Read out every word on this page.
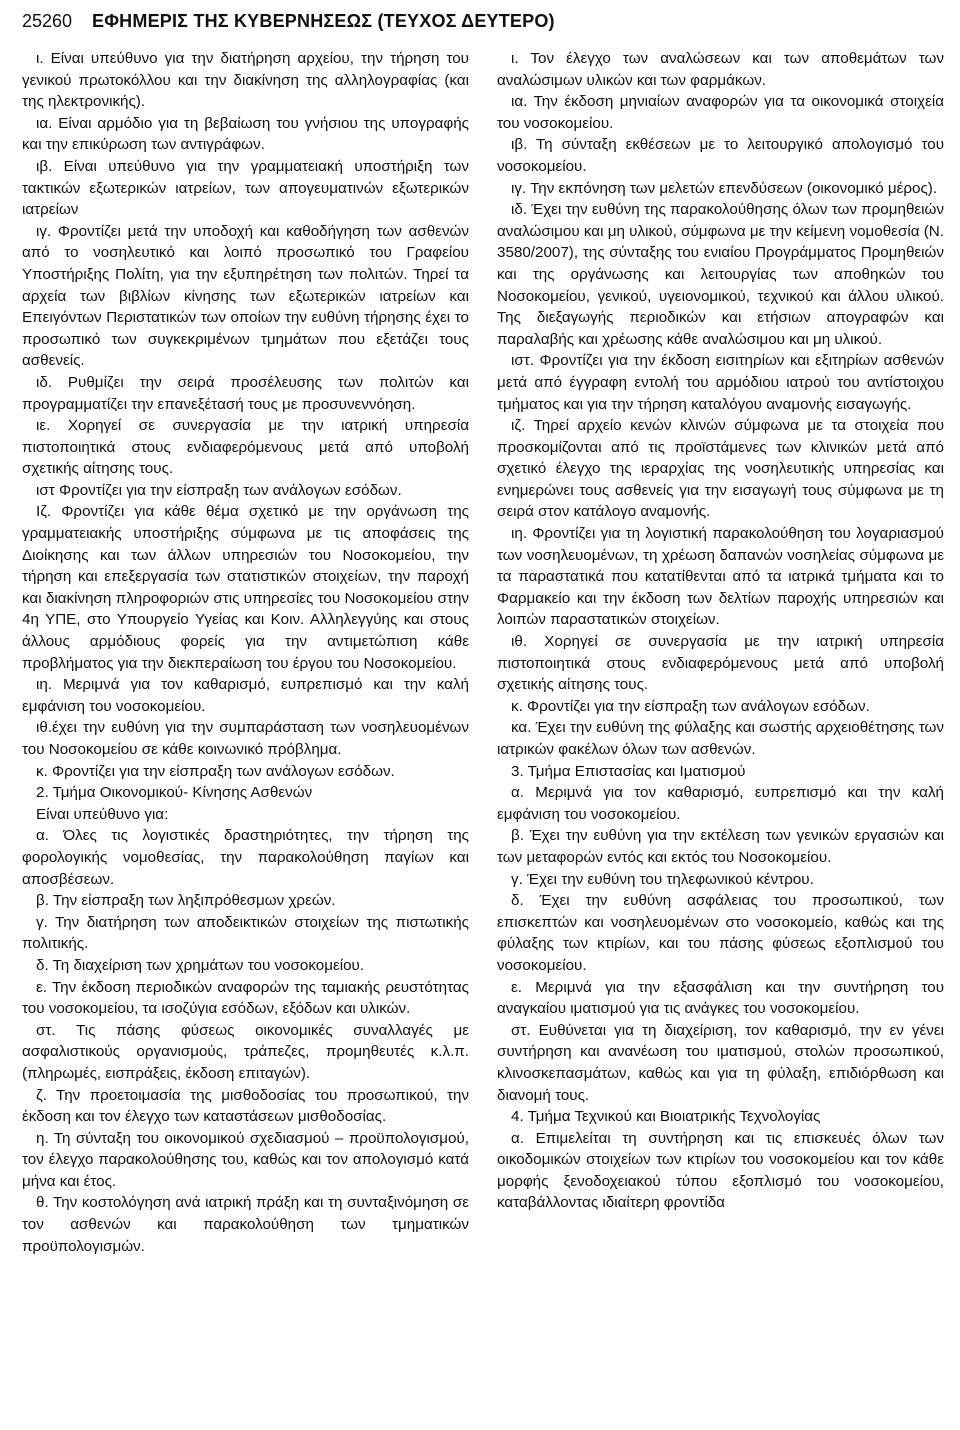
25260	ΕΦΗΜΕΡΙΣ ΤΗΣ ΚΥΒΕΡΝΗΣΕΩΣ (ΤΕΥΧΟΣ ΔΕΥΤΕΡΟ)

ι. Είναι υπεύθυνο για την διατήρηση αρχείου, την τήρηση του γενικού πρωτοκόλλου και την διακίνηση της αλληλογραφίας (και της ηλεκτρονικής).

ια. Είναι αρμόδιο για τη βεβαίωση του γνήσιου της υπογραφής και την επικύρωση των αντιγράφων.

ιβ. Είναι υπεύθυνο για την γραμματειακή υποστήριξη των τακτικών εξωτερικών ιατρείων, των απογευματινών εξωτερικών ιατρείων

ιγ. Φροντίζει μετά την υποδοχή και καθοδήγηση των ασθενών από το νοσηλευτικό και λοιπό προσωπικό του Γραφείου Υποστήριξης Πολίτη, για την εξυπηρέτηση των πολιτών. Τηρεί τα αρχεία των βιβλίων κίνησης των εξωτερικών ιατρείων και Επειγόντων Περιστατικών των οποίων την ευθύνη τήρησης έχει το προσωπικό των συγκεκριμένων τμημάτων που εξετάζει τους ασθενείς.

ιδ. Ρυθμίζει την σειρά προσέλευσης των πολιτών και προγραμματίζει την επανεξέτασή τους με προσυνεννόηση.

ιε. Χορηγεί σε συνεργασία με την ιατρική υπηρεσία πιστοποιητικά στους ενδιαφερόμενους μετά από υποβολή σχετικής αίτησης τους.

ιστ Φροντίζει για την είσπραξη των ανάλογων εσόδων.

Ιζ. Φροντίζει για κάθε θέμα σχετικό με την οργάνωση της γραμματειακής υποστήριξης σύμφωνα με τις αποφάσεις της Διοίκησης και των άλλων υπηρεσιών του Νοσοκομείου, την τήρηση και επεξεργασία των στατιστικών στοιχείων, την παροχή και διακίνηση πληροφοριών στις υπηρεσίες του Νοσοκομείου στην 4η ΥΠΕ, στο Υπουργείο Υγείας και Κοιν. Αλληλεγγύης και στους άλλους αρμόδιους φορείς για την αντιμετώπιση κάθε προβλήματος για την διεκπεραίωση του έργου του Νοσοκομείου.

ιη. Μεριμνά για τον καθαρισμό, ευπρεπισμό και την καλή εμφάνιση του νοσοκομείου.

ιθ.έχει την ευθύνη για την συμπαράσταση των νοσηλευομένων του Νοσοκομείου σε κάθε κοινωνικό πρόβλημα.

κ. Φροντίζει για την είσπραξη των ανάλογων εσόδων.

2. Τμήμα Οικονομικού- Κίνησης Ασθενών

Είναι υπεύθυνο για:

α. Όλες τις λογιστικές δραστηριότητες, την τήρηση της φορολογικής νομοθεσίας, την παρακολούθηση παγίων και αποσβέσεων.

β. Την είσπραξη των ληξιπρόθεσμων χρεών.

γ. Την διατήρηση των αποδεικτικών στοιχείων της πιστωτικής πολιτικής.

δ. Τη διαχείριση των χρημάτων του νοσοκομείου.

ε. Την έκδοση περιοδικών αναφορών της ταμιακής ρευστότητας του νοσοκομείου, τα ισοζύγια εσόδων, εξόδων και υλικών.

στ. Τις πάσης φύσεως οικονομικές συναλλαγές με ασφαλιστικούς οργανισμούς, τράπεζες, προμηθευτές κ.λ.π. (πληρωμές, εισπράξεις, έκδοση επιταγών).

ζ. Την προετοιμασία της μισθοδοσίας του προσωπικού, την έκδοση και τον έλεγχο των καταστάσεων μισθοδοσίας.

η. Τη σύνταξη του οικονομικού σχεδιασμού – προϋπολογισμού, τον έλεγχο παρακολούθησης του, καθώς και τον απολογισμό κατά μήνα και έτος.

θ. Την κοστολόγηση ανά ιατρική πράξη και τη συνταξινόμηση σε τον ασθενών και παρακολούθηση των τμηματικών προϋπολογισμών.

ι. Τον έλεγχο των αναλώσεων και των αποθεμάτων των αναλώσιμων υλικών και των φαρμάκων.

ια. Την έκδοση μηνιαίων αναφορών για τα οικονομικά στοιχεία του νοσοκομείου.

ιβ. Τη σύνταξη εκθέσεων με το λειτουργικό απολογισμό του νοσοκομείου.

ιγ. Την εκπόνηση των μελετών επενδύσεων (οικονομικό μέρος).

ιδ. Έχει την ευθύνη της παρακολούθησης όλων των προμηθειών αναλώσιμου και μη υλικού, σύμφωνα με την κείμενη νομοθεσία (Ν. 3580/2007), της σύνταξης του ενιαίου Προγράμματος Προμηθειών και της οργάνωσης και λειτουργίας των αποθηκών του Νοσοκομείου, γενικού, υγειονομικού, τεχνικού και άλλου υλικού. Της διεξαγωγής περιοδικών και ετήσιων απογραφών και παραλαβής και χρέωσης κάθε αναλώσιμου και μη υλικού.

ιστ. Φροντίζει για την έκδοση εισιτηρίων και εξιτηρίων ασθενών μετά από έγγραφη εντολή του αρμόδιου ιατρού του αντίστοιχου τμήματος και για την τήρηση καταλόγου αναμονής εισαγωγής.

ιζ. Τηρεί αρχείο κενών κλινών σύμφωνα με τα στοιχεία που προσκομίζονται από τις προϊστάμενες των κλινικών μετά από σχετικό έλεγχο της ιεραρχίας της νοσηλευτικής υπηρεσίας και ενημερώνει τους ασθενείς για την εισαγωγή τους σύμφωνα με τη σειρά στον κατάλογο αναμονής.

ιη. Φροντίζει για τη λογιστική παρακολούθηση του λογαριασμού των νοσηλευομένων, τη χρέωση δαπανών νοσηλείας σύμφωνα με τα παραστατικά που κατατίθενται από τα ιατρικά τμήματα και το Φαρμακείο και την έκδοση των δελτίων παροχής υπηρεσιών και λοιπών παραστατικών στοιχείων.

ιθ. Χορηγεί σε συνεργασία με την ιατρική υπηρεσία πιστοποιητικά στους ενδιαφερόμενους μετά από υποβολή σχετικής αίτησης τους.

κ. Φροντίζει για την είσπραξη των ανάλογων εσόδων.

κα. Έχει την ευθύνη της φύλαξης και σωστής αρχειοθέτησης των ιατρικών φακέλων όλων των ασθενών.

3. Τμήμα Επιστασίας και Ιματισμού

α. Μεριμνά για τον καθαρισμό, ευπρεπισμό και την καλή εμφάνιση του νοσοκομείου.

β. Έχει την ευθύνη για την εκτέλεση των γενικών εργασιών και των μεταφορών εντός και εκτός του Νοσοκομείου.

γ. Έχει την ευθύνη του τηλεφωνικού κέντρου.

δ. Έχει την ευθύνη ασφάλειας του προσωπικού, των επισκεπτών και νοσηλευομένων στο νοσοκομείο, καθώς και της φύλαξης των κτιρίων, και του πάσης φύσεως εξοπλισμού του νοσοκομείου.

ε. Μεριμνά για την εξασφάλιση και την συντήρηση του αναγκαίου ιματισμού για τις ανάγκες του νοσοκομείου.

στ. Ευθύνεται για τη διαχείριση, τον καθαρισμό, την εν γένει συντήρηση και ανανέωση του ιματισμού, στολών προσωπικού, κλινοσκεπασμάτων, καθώς και για τη φύλαξη, επιδιόρθωση και διανομή τους.

4. Τμήμα Τεχνικού και Βιοιατρικής Τεχνολογίας

α. Επιμελείται τη συντήρηση και τις επισκευές όλων των οικοδομικών στοιχείων των κτιρίων του νοσοκομείου και τον κάθε μορφής ξενοδοχειακού τύπου εξοπλισμό του νοσοκομείου, καταβάλλοντας ιδιαίτερη φροντίδα
